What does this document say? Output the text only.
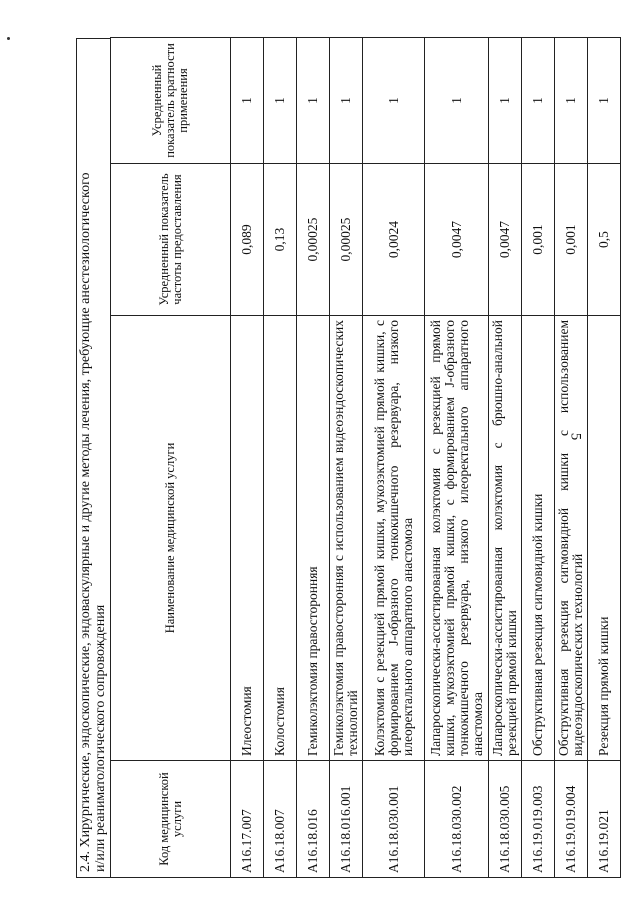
5
2.4. Хирургические, эндоскопические, эндоваскулярные и другие методы лечения, требующие анестезиологического и/или реаниматологического сопровождения	Код медицинской услуги	Наименование медицинской услуги	Усредненный показатель частоты предоставления	Усредненный показатель кратности применения
A16.17.007	Илеостомия	0,089	1
A16.18.007	Колостомия	0,13	1
A16.18.016	Гемиколэктомия правосторонняя	0,00025	1
A16.18.016.001	Гемиколэктомия правосторонняя с использованием видеоэндоскопических технологий	0,00025	1
A16.18.030.001	Колэктомия с резекцией прямой кишки, мукозэктомией прямой кишки, с формированием J-образного тонкокишечного резервуара, низкого илеоректального аппаратного анастомоза	0,0024	1
A16.18.030.002	Лапароскопически-ассистированная колэктомия с резекцией прямой кишки, мукозэктомией прямой кишки, с формированием J-образного тонкокишечного резервуара, низкого илеоректального аппаратного анастомоза	0,0047	1
A16.18.030.005	Лапароскопически-ассистированная колэктомия с брюшно-анальной резекцией прямой кишки	0,0047	1
A16.19.019.003	Обструктивная резекция сигмовидной кишки	0,001	1
A16.19.019.004	Обструктивная резекция сигмовидной кишки с использованием видеоэндоскопических технологий	0,001	1
A16.19.021	Резекция прямой кишки	0,5	1
